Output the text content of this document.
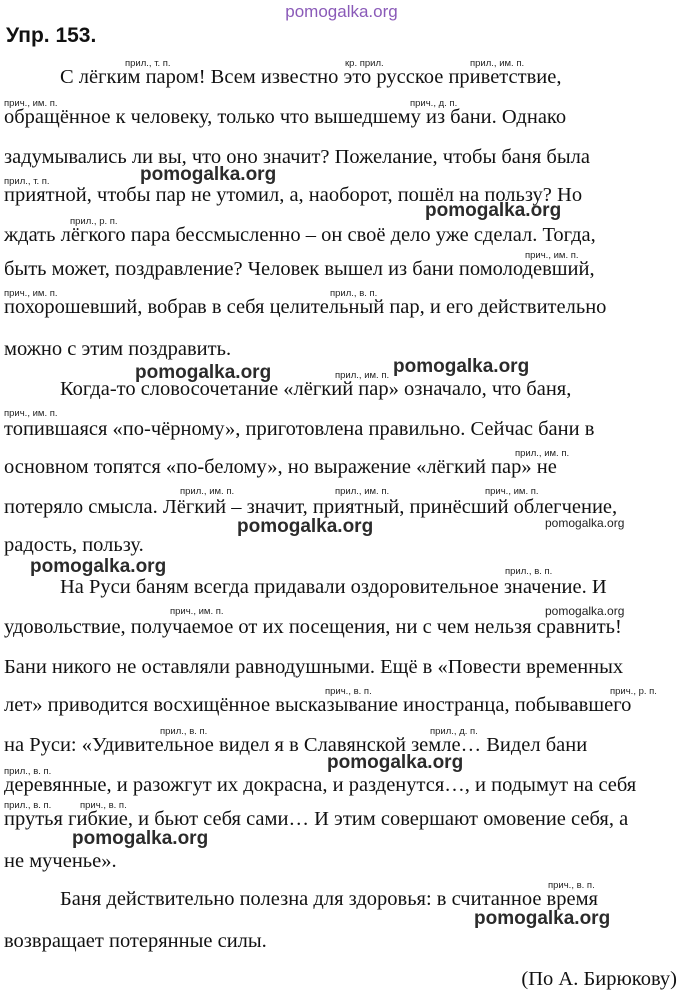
pomogalka.org
Упр. 153.
прил., т. п.	кр. прил.	прил., им. п.
С лёгким паром! Всем известно это русское приветствие,
прич., им. п.	прич., д. п.
обращённое к человеку, только что вышедшему из бани. Однако
задумывались ли вы, что оно значит? Пожелание, чтобы баня была
pomogalka.org
прил., т. п.
приятной, чтобы пар не утомил, а, наоборот, пошёл на пользу? Но
pomogalka.org
прил., р. п.
ждать лёгкого пара бессмысленно – он своё дело уже сделал. Тогда,
прич., им. п.
быть может, поздравление? Человек вышел из бани помолодевший,
прич., им. п.	прил., в. п.
похорошевший, вобрав в себя целительный пар, и его действительно
можно с этим поздравить.
pomogalka.org	pomogalka.org
прил., им. п.
Когда-то словосочетание «лёгкий пар» означало, что баня,
прич., им. п.
топившаяся «по-чёрному», приготовлена правильно. Сейчас бани в
прил., им. п.
основном топятся «по-белому», но выражение «лёгкий пар» не
прил., им. п.	прил., им. п.	прич., им. п.
потеряло смысла. Лёгкий – значит, приятный, принёсший облегчение,
pomogalka.org
pomogalka.org
радость, пользу.
pomogalka.org	прил., в. п.
На Руси баням всегда придавали оздоровительное значение. И
pomogalka.org
прич., им. п.
удовольствие, получаемое от их посещения, ни с чем нельзя сравнить!
Бани никого не оставляли равнодушными. Ещё в «Повести временных
прич., в. п.	прич., р. п.
лет» приводится восхищённое высказывание иностранца, побывавшего
прил., в. п.	прил., д. п.
на Руси: «Удивительное видел я в Славянской земле… Видел бани
pomogalka.org
прил., в. п.
деревянные, и разожгут их докрасна, и разденутся…, и подымут на себя
прил., в. п.	прич., в. п.
прутья гибкие, и бьют себя сами… И этим совершают омовение себя, а
pomogalka.org
не мученье».
прич., в. п.
Баня действительно полезна для здоровья: в считанное время
pomogalka.org
возвращает потерянные силы.
(По А. Бирюкову)
